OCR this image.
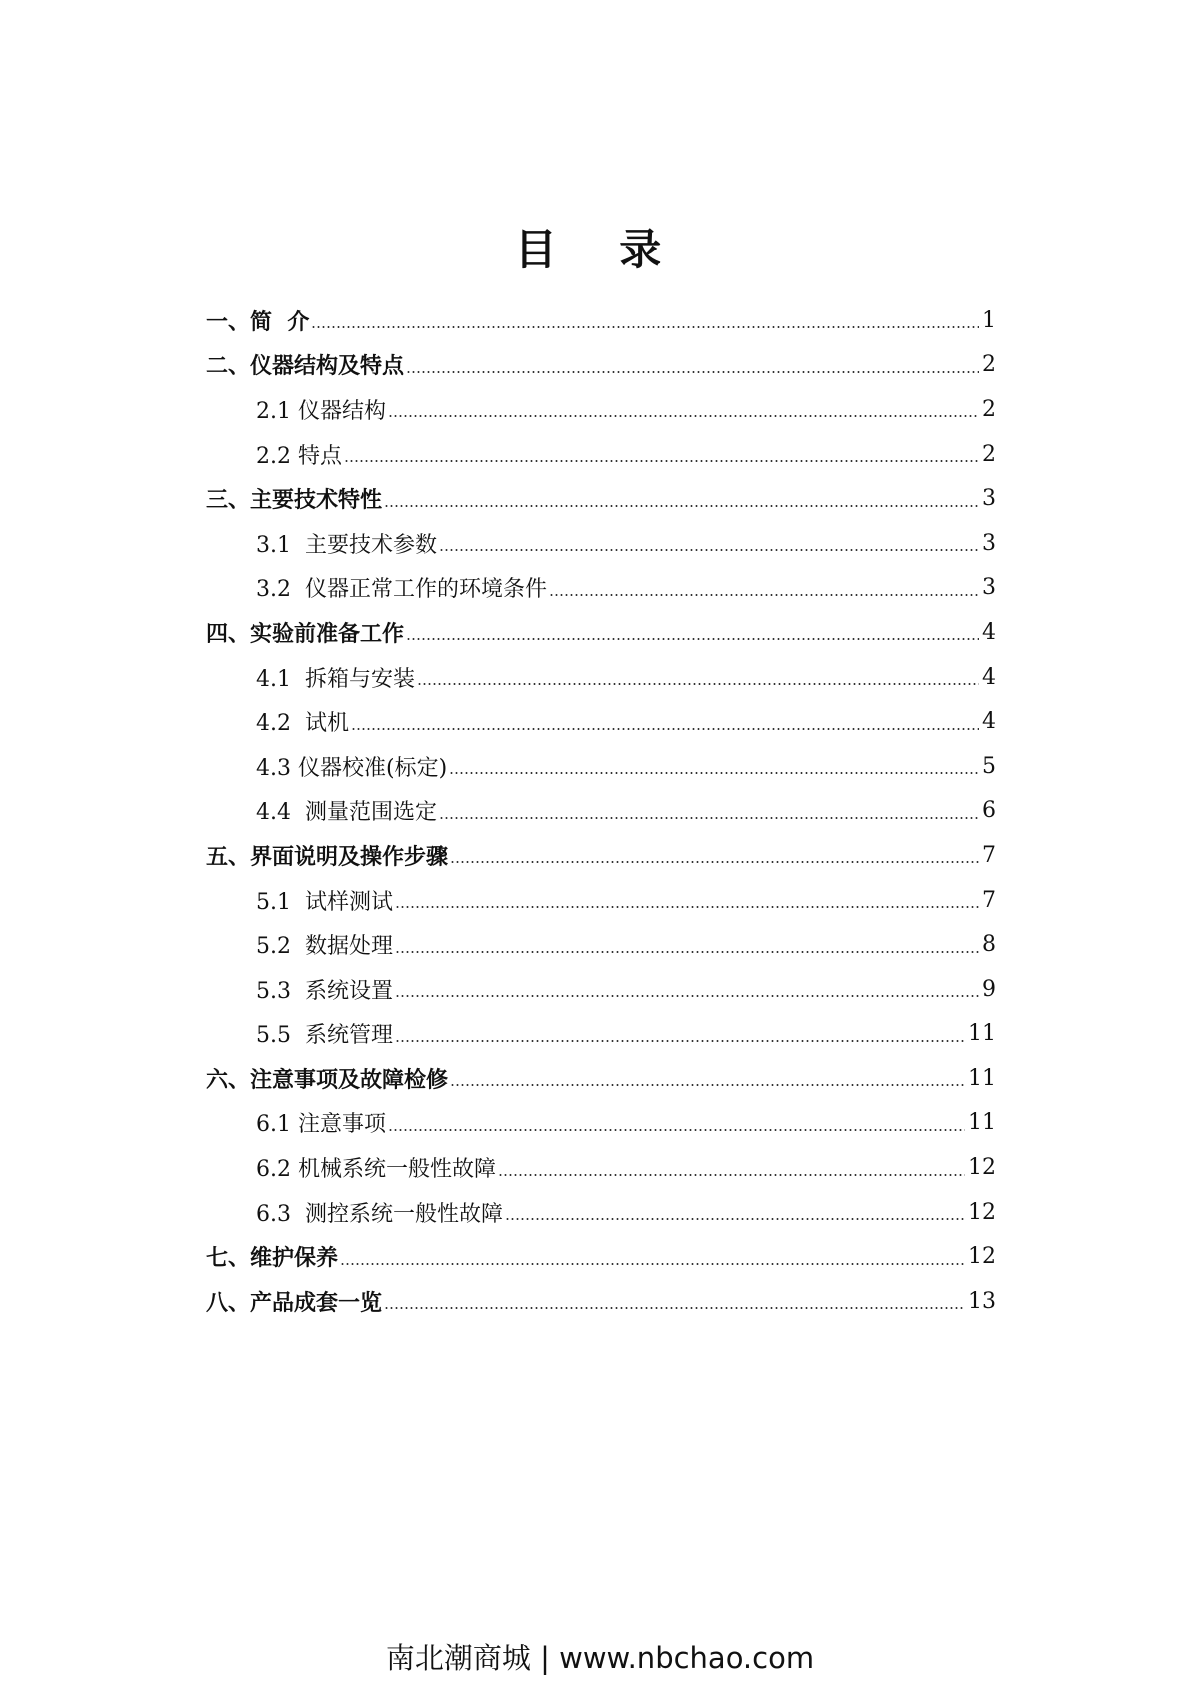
目 录
一、简  介	1
二、仪器结构及特点	2
2.1 仪器结构	2
2.2 特点	2
三、主要技术特性	3
3.1  主要技术参数	3
3.2  仪器正常工作的环境条件	3
四、实验前准备工作	4
4.1  拆箱与安装	4
4.2  试机	4
4.3 仪器校准(标定)	5
4.4  测量范围选定	6
五、界面说明及操作步骤	7
5.1  试样测试	7
5.2  数据处理	8
5.3  系统设置	9
5.5  系统管理	11
六、注意事项及故障检修	11
6.1 注意事项	11
6.2 机械系统一般性故障	12
6.3  测控系统一般性故障	12
七、维护保养	12
八、产品成套一览	13
南北潮商城 | www.nbchao.com
